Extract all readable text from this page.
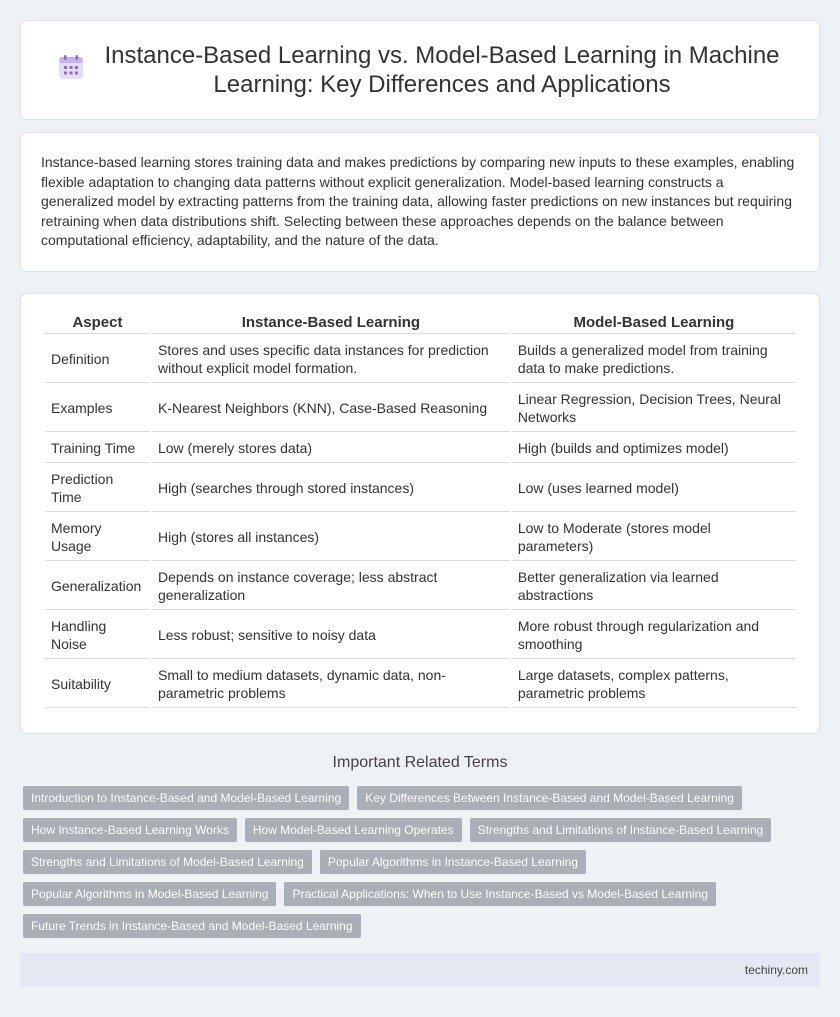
Instance-Based Learning vs. Model-Based Learning in Machine Learning: Key Differences and Applications

Instance-based learning stores training data and makes predictions by comparing new inputs to these examples, enabling flexible adaptation to changing data patterns without explicit generalization. Model-based learning constructs a generalized model by extracting patterns from the training data, allowing faster predictions on new instances but requiring retraining when data distributions shift. Selecting between these approaches depends on the balance between computational efficiency, adaptability, and the nature of the data.

Aspect	Instance-Based Learning	Model-Based Learning
Definition	Stores and uses specific data instances for prediction without explicit model formation.	Builds a generalized model from training data to make predictions.
Examples	K-Nearest Neighbors (KNN), Case-Based Reasoning	Linear Regression, Decision Trees, Neural Networks
Training Time	Low (merely stores data)	High (builds and optimizes model)
Prediction Time	High (searches through stored instances)	Low (uses learned model)
Memory Usage	High (stores all instances)	Low to Moderate (stores model parameters)
Generalization	Depends on instance coverage; less abstract generalization	Better generalization via learned abstractions
Handling Noise	Less robust; sensitive to noisy data	More robust through regularization and smoothing
Suitability	Small to medium datasets, dynamic data, non-parametric problems	Large datasets, complex patterns, parametric problems
Important Related Terms
Introduction to Instance-Based and Model-Based Learning	Key Differences Between Instance-Based and Model-Based Learning
How Instance-Based Learning Works	How Model-Based Learning Operates	Strengths and Limitations of Instance-Based Learning
Strengths and Limitations of Model-Based Learning	Popular Algorithms in Instance-Based Learning
Popular Algorithms in Model-Based Learning	Practical Applications: When to Use Instance-Based vs Model-Based Learning
Future Trends in Instance-Based and Model-Based Learning
techiny.com
